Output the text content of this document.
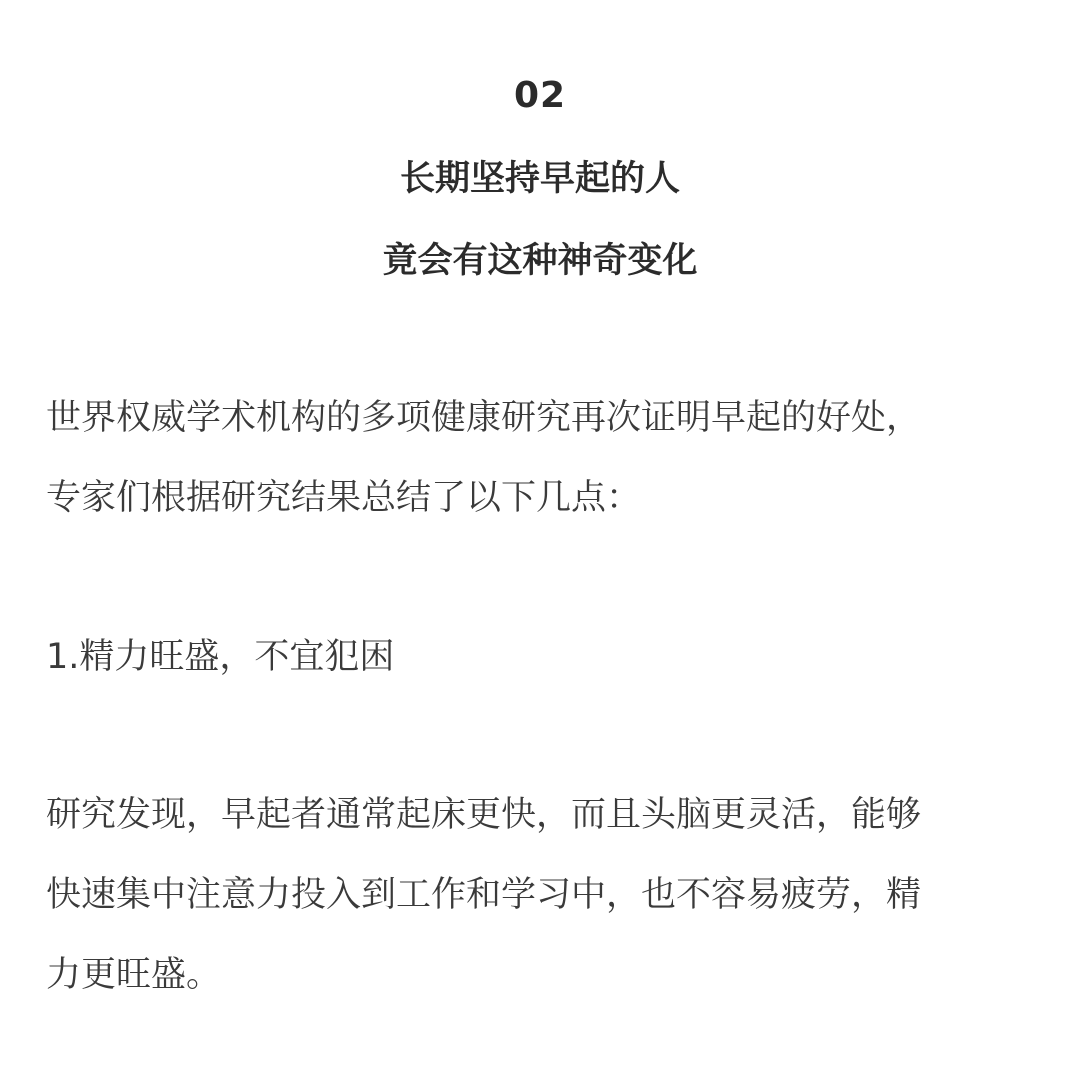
02
长期坚持早起的人
竟会有这种神奇变化
世界权威学术机构的多项健康研究再次证明早起的好处，
专家们根据研究结果总结了以下几点：
1.精力旺盛，不宜犯困
研究发现，早起者通常起床更快，而且头脑更灵活，能够
快速集中注意力投入到工作和学习中，也不容易疲劳，精
力更旺盛。
